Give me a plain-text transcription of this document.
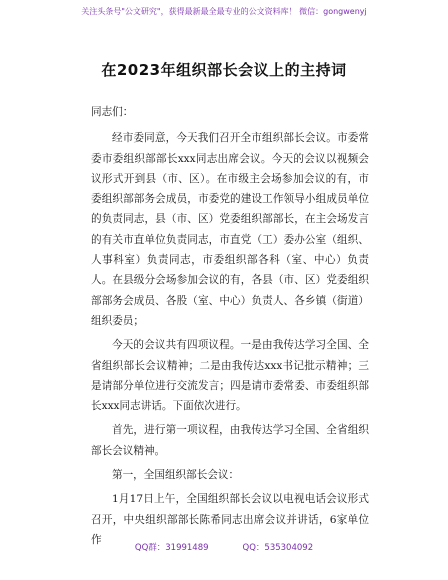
关注头条号"公文研究"，获得最新最全最专业的公文资料库！ 微信：gongwenyj
在2023年组织部长会议上的主持词

同志们：

经市委同意，今天我们召开全市组织部长会议。市委常委市委组织部部长xxx同志出席会议。今天的会议以视频会议形式开到县（市、区）。在市级主会场参加会议的有，市委组织部部务会成员，市委党的建设工作领导小组成员单位的负责同志，县（市、区）党委组织部部长，在主会场发言的有关市直单位负责同志，市直党（工）委办公室（组织、人事科室）负责同志，市委组织部各科（室、中心）负责人。在县级分会场参加会议的有，各县（市、区）党委组织部部务会成员、各股（室、中心）负责人、各乡镇（街道）组织委员；

今天的会议共有四项议程。一是由我传达学习全国、全省组织部长会议精神；二是由我传达xxx书记批示精神；三是请部分单位进行交流发言；四是请市委常委、市委组织部长xxx同志讲话。下面依次进行。

首先，进行第一项议程，由我传达学习全国、全省组织部长会议精神。

第一，全国组织部长会议：

1月17日上午，全国组织部长会议以电视电话会议形式召开，中央组织部部长陈希同志出席会议并讲话，6家单位作

QQ群：31991489	QQ：535304092
